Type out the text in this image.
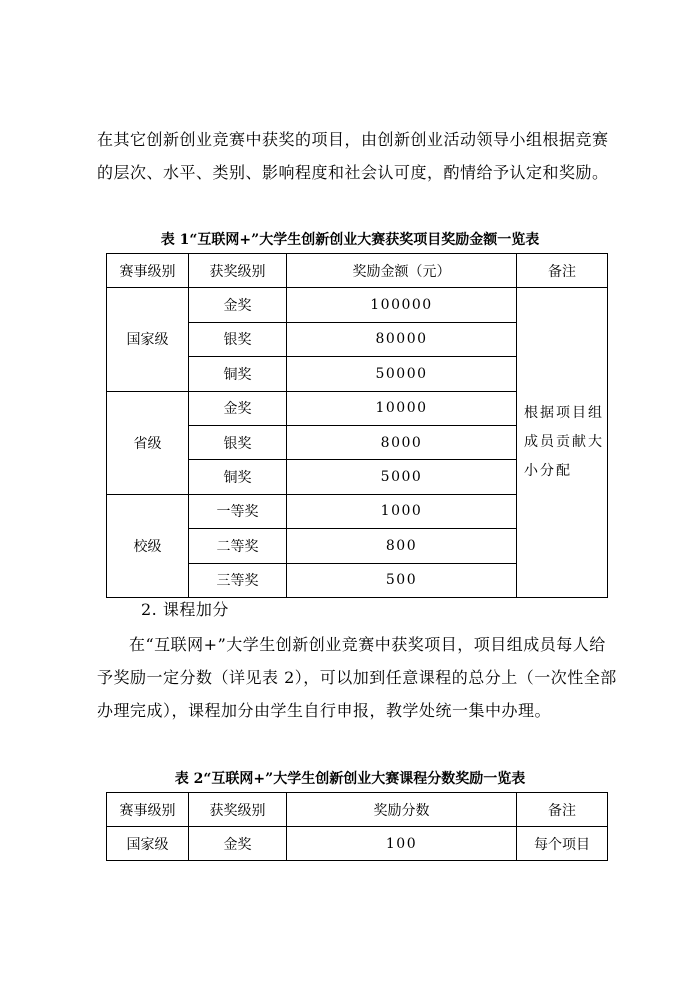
在其它创新创业竞赛中获奖的项目，由创新创业活动领导小组根据竞赛的层次、水平、类别、影响程度和社会认可度，酌情给予认定和奖励。

表 1“互联网+”大学生创新创业大赛获奖项目奖励金额一览表

赛事级别	获奖级别	奖励金额（元）	备注
国家级	金奖	100000	根据项目组成员贡献大小分配
	银奖	80000	
	铜奖	50000	
省级	金奖	10000	
	银奖	8000	
	铜奖	5000	
校级	一等奖	1000	
	二等奖	800	
	三等奖	500	

2. 课程加分

在“互联网+”大学生创新创业竞赛中获奖项目，项目组成员每人给予奖励一定分数（详见表 2），可以加到任意课程的总分上（一次性全部办理完成），课程加分由学生自行申报，教学处统一集中办理。

表 2“互联网+”大学生创新创业大赛课程分数奖励一览表

赛事级别	获奖级别	奖励分数	备注
国家级	金奖	100	每个项目
